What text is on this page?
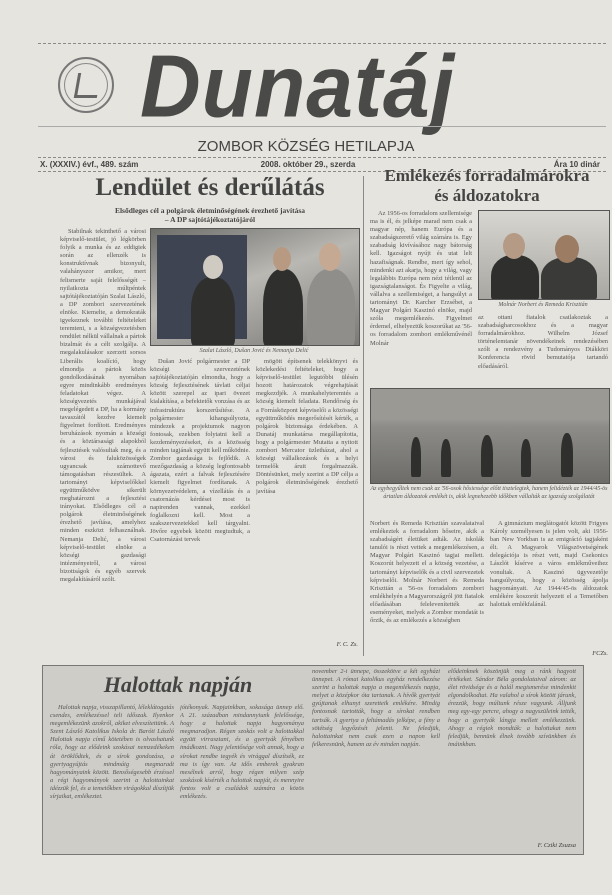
Dunatáj
ZOMBOR KÖZSÉG HETILAPJA
X. (XXXIV.) évf., 489. szám	2008. október 29., szerda	Ára 10 dinár
Lendület és derűlátás
Elsődleges cél a polgárok életminőségének érezhető javítása
– A DP sajtótájékoztatójáról

Stabilnak tekinthető a városi képviselő-testület, jó légkörben folyik a munka és az eddigiek során az ellenzék is konstruktívnak bizonyult, valahányszor amikor, mert felismerte saját felelősségét – nyilatkozta múltpéntek sajtótájékoztatóján Szalai László, a DP zombori szervezetének elnöke. Kiemelte, a demokraták igyekeznek további feltételeket teremteni, s a községvezetésben rendület nélkül vállalnak a pártok bizalmát és a célt szolgálja. A megalakulásakor szerzett sorsos Liberális koalíció, hogy elmondja a pártok közös gondolkodásának nyomában egyre mindinkább eredményes feladatokat végez. A községvezetés munkájával megelégedett a DP, ha a kormány tavaszától kezdve kiemelt figyelmet fordított. Eredményes beruházások nyomán a községi és a köztársasági alapokból fejlesztések valósultak meg, és a városi és faluközösségek ugyancsak számottevő támogatásban részesültek. A tartományi képviselőkkel együttműködve sikerült meghatározni a fejlesztési irányokat. Elsődleges cél a polgárok életminőségének érezhető javítása, amelyhez minden eszközt felhasználnak. Nemanja Delić, a városi képviselő-testület elnöke a községi gazdasági intézményeiről, a városi bizottságok és egyéb szervek megalakításáról szólt.

Szalai László, Dušan Jović és Nemanja Delić

Dušan Jović polgármester a DP községi szervezetének sajtótájékoztatóján elmondta, hogy a község fejlesztésének távlati céljai között szerepel az ipari övezet kialakítása, a befektetők vonzása és az infrastruktúra korszerűsítése. A polgármester kihangsúlyozta, mindezek a projektumok nagyon fontosak, ezekben folytatni kell a kezdeményezéseket, és a közösség minden tagjának együtt kell működnie. Zombor gazdasága is fejlődik. A mezőgazdaság a község legfontosabb ágazata, ezért a falvak fejlesztésére kiemelt figyelmet fordítanak. A környezetvédelem, a vízellátás és a csatornázás kérdései most is napirenden vannak, ezekkel foglalkozni kell. Most a szakszervezetekkel kell tárgyalni. Jövőre egyebek között megtudtuk, a Csatornázási tervek

mögött építsenek telekkönyvi és közlekedési feltételeket, hogy a képviselő-testület legutóbbi ülésén hozott határozatok végrehajtását megkezdjék. A munkahelyteremtés a község kiemelt feladata. Rendőrség és a Forrásközpont képviselői a közösségi együttműködés megerősítését kérték, a polgárok biztonsága érdekében. A Dunatáj munkatársa megállapította, hogy a polgármester Mutatta a nyitott zombori Mercator üzletházat, ahol a községi vállalkozások és a helyi termelők áruit forgalmazzák. Döntésünket, mely szerint a DP célja a polgárok életminőségének érezhető javítása

F. C. Zs.
Emlékezés forradalmárokra
és áldozatokra

Az 1956-os forradalom szellemisége ma is él, és jelképe marad nem csak a magyar nép, hanem Európa és a szabadságszerető világ számára is. Egy szabadság kivívásához nagy bátorság kell. Igazságot nyújt és utat lelt hazafiságnak. Rendbe, mert így sehol, mindenki azt akarja, hogy a világ, vagy legalábbis Európa nem nézi tétlenül az igazságtalanságot. És Figyelte a világ, vállalva a szellemiséget, a hangsúlyt a tartományi Dr. Karcher Erzsébet, a Magyar Polgári Kaszinó elnöke, majd szóla megemlékezés. Figyelmet érdemel, elhelyeztük koszorúkat az '56-os forradalom zombori emlékművénél Molnár

Molnár Norbert és Remeda Krisztián

az ottani fiatalok csatlakoztak a szabadságharcosokhoz és a magyar forradalmárokhoz. Wilhelm József történelemtanár növendékeinek rendezésében szólt a rendezvény a Tudományos Diákköri Konferencia rövid bemutatója tartandó előadásáról.

Az egybegyűltek nem csak az '56-osok hősiessége előtt tisztelegtek, hanem felidézték az 1944/45-ös ártatlan áldozatok emlékét is, akik legnehezebb időkben vállalták az igazság szolgálatát

Norbert és Remeda Krisztián szavalataival emlékeztek a forradalom hőseire, akik a szabadságért életüket adták. Az iskolák tanulói is részt vettek a megemlékezésen, a Magyar Polgári Kaszinó tagjai mellett. Koszorút helyezett el a község vezetése, a tartományi képviselők és a civil szervezetek képviselői. Molnár Norbert és Remeda Krisztián a '56-os forradalom zombori emlékhelyén a Magyarországról jött fiatalok előadásában felelevenítették az eseményeket, melyek a Zombor mondatát is őrzik, és az emlékezés a községben

A gimnázium meglátogatói között Frigyes Károly személyesen is jelen volt, aki 1956-ban New Yorkban is az emigráció tagjaként élt. A Magyarok Világszövetségének delegációja is részt vett, majd Csekonics Lászlót kísérve a város emlékműveihez vonultak. A Kaszinó ügyvezetője hangsúlyozta, hogy a közösség ápolja hagyományait. Az 1944/45-ös áldozatok emlékére koszorút helyezett el a Temetőben halottak emlékfalánál.

FCZs.
Halottak napján

Halottak napja, visszapillantó, léleklátogatás csendes, emlékezéssel teli időszak. Ilyenkor megemlékezünk azokról, akiket elveszítettünk. A Szent László Katolikus Iskola dr. Baróti László Halottak napja című kötetében is olvashatunk róla, hogy az elődeink szokásai nemzedékeken át öröklődtek, és a sírok gondozása, a gyertyagyújtás mindmáig megmaradt hagyományaink között. Bensőségesebb érzéssel a régi hagyományok szerint a halottainkat idézzük fel, és a temetőkben virágokkal díszítjük sírjaikat, emlékeztet.

jótékonyak. Napjainkban, sokasága ünnep elő. A 21. században mindannyiunk felelőssége, hogy a halottak napja hagyománya megmaradjon. Régen szokás volt a halottakkal együtt virrasztani, és a gyertyák fényében imádkozni. Nagy jelentősége volt annak, hogy a sírokat rendbe tegyék és virággal díszítsék, ez ma is így van. Az idős emberek gyakran mesélnek arról, hogy régen milyen szép szokások kísérték a halottak napját, és mennyire fontos volt a családok számára a közös emlékezés.

november 2-i ünnepe, összekötve a két egyházi ünnepet. A római katolikus egyház rendelkezése szerint a halottak napja a megemlékezés napja, melyet a középkor óta tartanak. A hívők gyertyát gyújtanak elhunyt szeretteik emlékére. Mindig fontosnak tartották, hogy a sírokat rendben tartsák. A gyertya a feltámadás jelképe, a fény a sötétség legyőzését jelenti. Ne feledjük, halottainkat nem csak ezen a napon kell felkeresnünk, hanem az év minden napján.

elődeinknek köszönjük meg a ránk hagyott értékeket. Sándor Béla gondolataival zárom: az élet rövidsége és a halál megismerése mindenkit elgondolkodtat. Ha valahol a sírok között járunk, érezzük, hogy múltunk része vagyunk. Álljunk meg egy-egy percre, ahogy a nagyszüleink tették, hogy a gyertyák lángja mellett emlékezzünk. Ahogy a régiek mondták: a halottakat nem feledjük, bennünk élnek tovább szívünkben és imáinkban.

F. Cziki Zsuzsa
